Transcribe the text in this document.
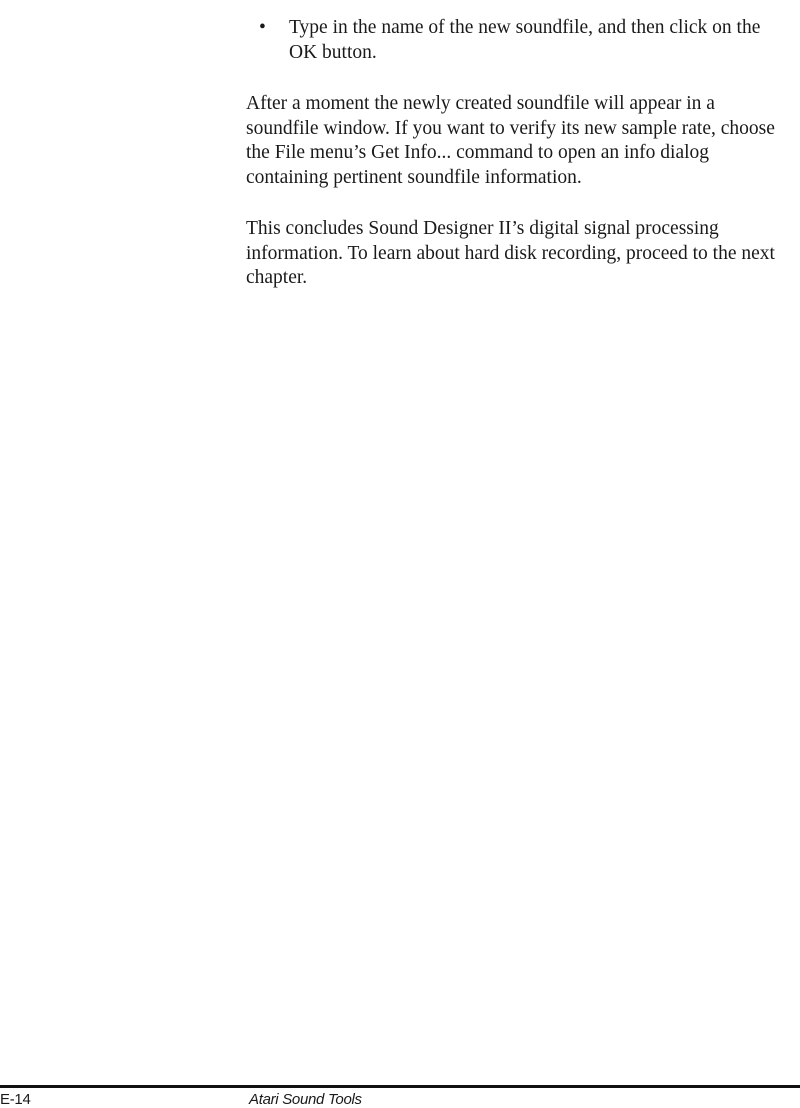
• Type in the name of the new soundfile, and then click on the OK button.

After a moment the newly created soundfile will appear in a soundfile window. If you want to verify its new sample rate, choose the File menu’s Get Info... command to open an info dialog containing pertinent soundfile information.

This concludes Sound Designer II’s digital signal processing information. To learn about hard disk recording, proceed to the next chapter.

E-14	Atari Sound Tools
